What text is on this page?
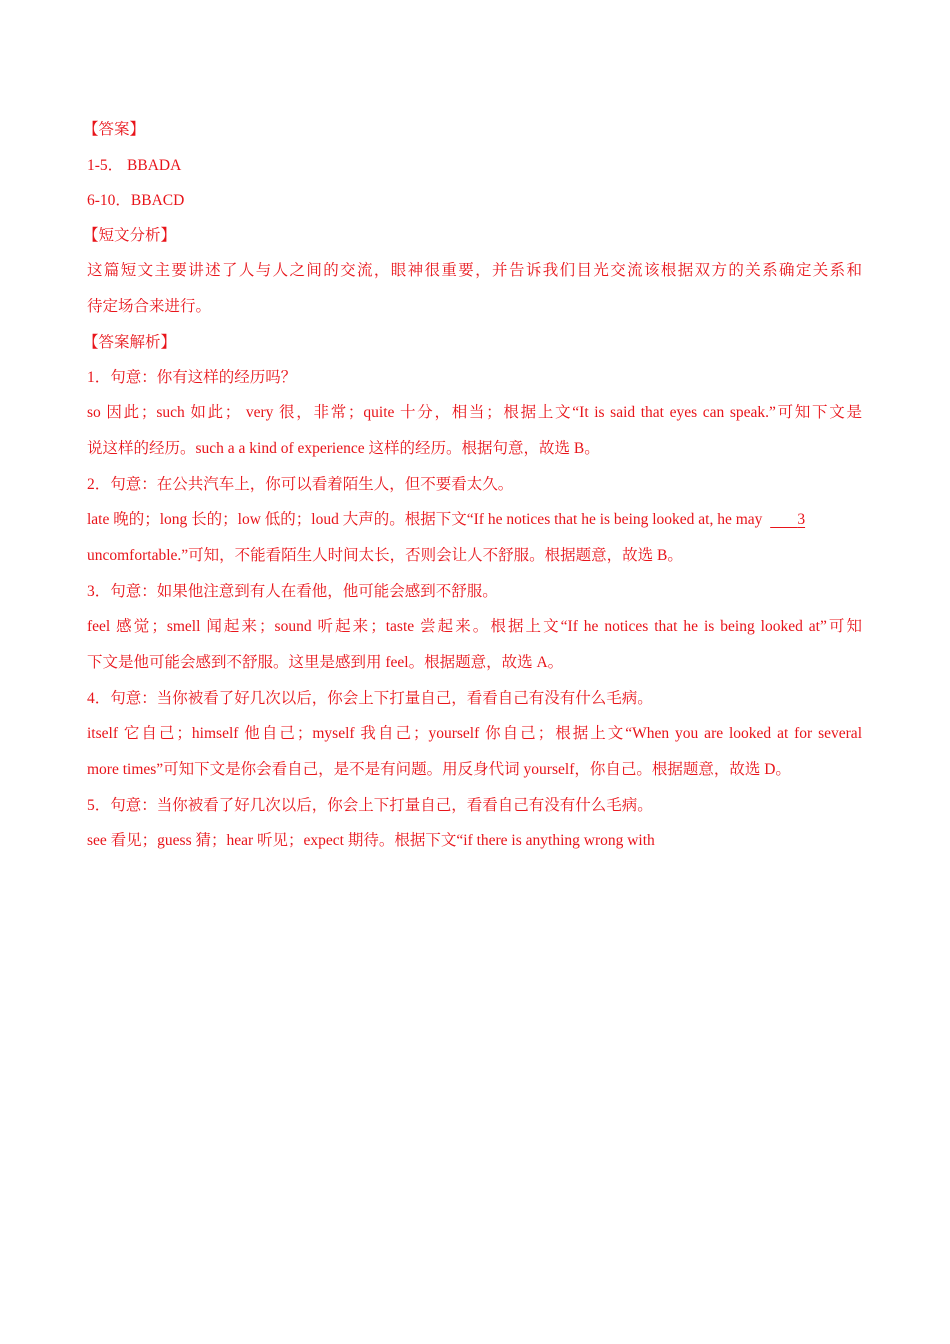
【答案】
1-5． BBADA
6-10．BBACD
【短文分析】
这篇短文主要讲述了人与人之间的交流，眼神很重要，并告诉我们目光交流该根据双方的关系确定关系和
待定场合来进行。
【答案解析】
1．句意：你有这样的经历吗？
so 因此；such 如此； very 很，非常；quite 十分，相当；根据上文“It is said that eyes can speak.”可知下文是
说这样的经历。such a a kind of experience 这样的经历。根据句意，故选 B。
2．句意：在公共汽车上，你可以看着陌生人，但不要看太久。
late 晚的；long 长的；low 低的；loud 大声的。根据下文“If he notices that he is being looked at, he may 3
uncomfortable.”可知，不能看陌生人时间太长，否则会让人不舒服。根据题意，故选 B。
3．句意：如果他注意到有人在看他，他可能会感到不舒服。
feel 感觉；smell 闻起来；sound 听起来；taste 尝起来。根据上文“If he notices that he is being looked at”可知
下文是他可能会感到不舒服。这里是感到用 feel。根据题意，故选 A。
4．句意：当你被看了好几次以后，你会上下打量自己，看看自己有没有什么毛病。
itself 它自己；himself 他自己；myself 我自己；yourself 你自己；根据上文“When you are looked at for several
more times”可知下文是你会看自己，是不是有问题。用反身代词 yourself，你自己。根据题意，故选 D。
5．句意：当你被看了好几次以后，你会上下打量自己，看看自己有没有什么毛病。
see 看见；guess 猜；hear 听见；expect 期待。根据下文“if there is anything wrong with
